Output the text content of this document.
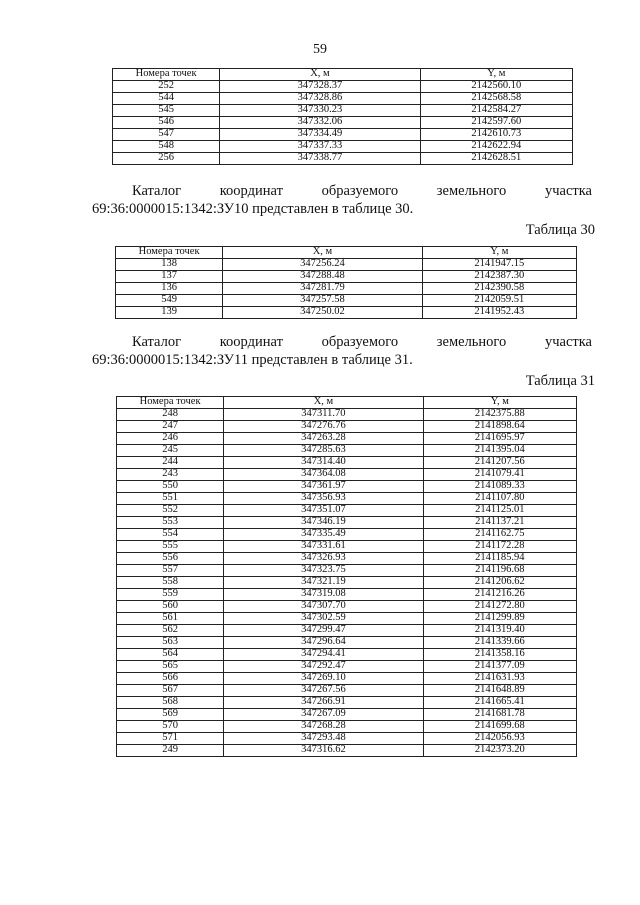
59
Номера точек	X, м	Y, м
252	347328.37	2142560.10
544	347328.86	2142568.58
545	347330.23	2142584.27
546	347332.06	2142597.60
547	347334.49	2142610.73
548	347337.33	2142622.94
256	347338.77	2142628.51
Каталог	координат	образуемого	земельного	участка
69:36:0000015:1342:ЗУ10 представлен в таблице 30.
Таблица 30
Номера точек	X, м	Y, м
138	347256.24	2141947.15
137	347288.48	2142387.30
136	347281.79	2142390.58
549	347257.58	2142059.51
139	347250.02	2141952.43
Каталог	координат	образуемого	земельного	участка
69:36:0000015:1342:ЗУ11 представлен в таблице 31.
Таблица 31
Номера точек	X, м	Y, м
248	347311.70	2142375.88
247	347276.76	2141898.64
246	347263.28	2141695.97
245	347285.63	2141395.04
244	347314.40	2141207.56
243	347364.08	2141079.41
550	347361.97	2141089.33
551	347356.93	2141107.80
552	347351.07	2141125.01
553	347346.19	2141137.21
554	347335.49	2141162.75
555	347331.61	2141172.28
556	347326.93	2141185.94
557	347323.75	2141196.68
558	347321.19	2141206.62
559	347319.08	2141216.26
560	347307.70	2141272.80
561	347302.59	2141299.89
562	347299.47	2141319.40
563	347296.64	2141339.66
564	347294.41	2141358.16
565	347292.47	2141377.09
566	347269.10	2141631.93
567	347267.56	2141648.89
568	347266.91	2141665.41
569	347267.09	2141681.78
570	347268.28	2141699.68
571	347293.48	2142056.93
249	347316.62	2142373.20
